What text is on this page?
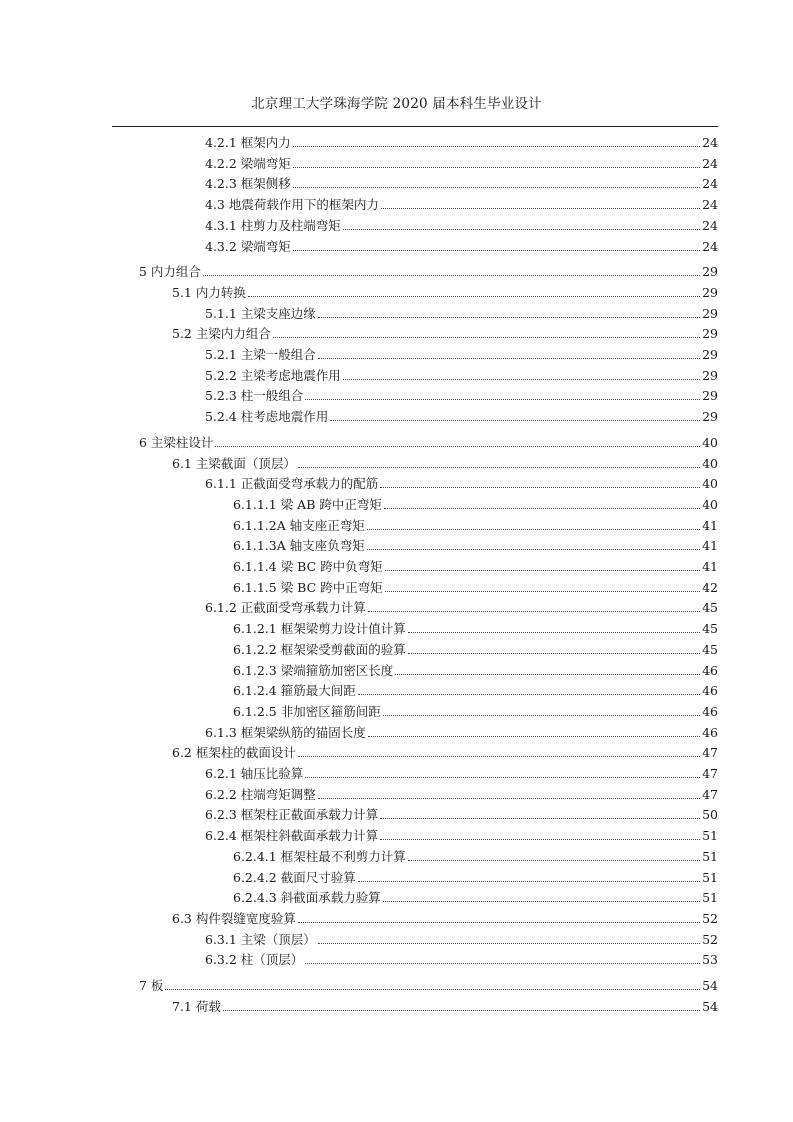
北京理工大学珠海学院 2020 届本科生毕业设计
4.2.1 框架内力	24
4.2.2 梁端弯矩	24
4.2.3 框架侧移	24
4.3 地震荷载作用下的框架内力	24
4.3.1 柱剪力及柱端弯矩	24
4.3.2 梁端弯矩	24
5 内力组合	29
5.1 内力转换	29
5.1.1 主梁支座边缘	29
5.2 主梁内力组合	29
5.2.1 主梁一般组合	29
5.2.2 主梁考虑地震作用	29
5.2.3 柱一般组合	29
5.2.4 柱考虑地震作用	29
6 主梁柱设计	40
6.1 主梁截面（顶层）	40
6.1.1 正截面受弯承载力的配筋	40
6.1.1.1 梁 AB 跨中正弯矩	40
6.1.1.2A 轴支座正弯矩	41
6.1.1.3A 轴支座负弯矩	41
6.1.1.4 梁 BC 跨中负弯矩	41
6.1.1.5 梁 BC 跨中正弯矩	42
6.1.2 正截面受弯承载力计算	45
6.1.2.1 框架梁剪力设计值计算	45
6.1.2.2 框架梁受剪截面的验算	45
6.1.2.3 梁端箍筋加密区长度	46
6.1.2.4 箍筋最大间距	46
6.1.2.5 非加密区箍筋间距	46
6.1.3 框架梁纵筋的锚固长度	46
6.2 框架柱的截面设计	47
6.2.1 轴压比验算	47
6.2.2 柱端弯矩调整	47
6.2.3 框架柱正截面承载力计算	50
6.2.4 框架柱斜截面承载力计算	51
6.2.4.1 框架柱最不利剪力计算	51
6.2.4.2 截面尺寸验算	51
6.2.4.3 斜截面承载力验算	51
6.3 构件裂缝宽度验算	52
6.3.1 主梁（顶层）	52
6.3.2 柱（顶层）	53
7 板	54
7.1 荷载	54
